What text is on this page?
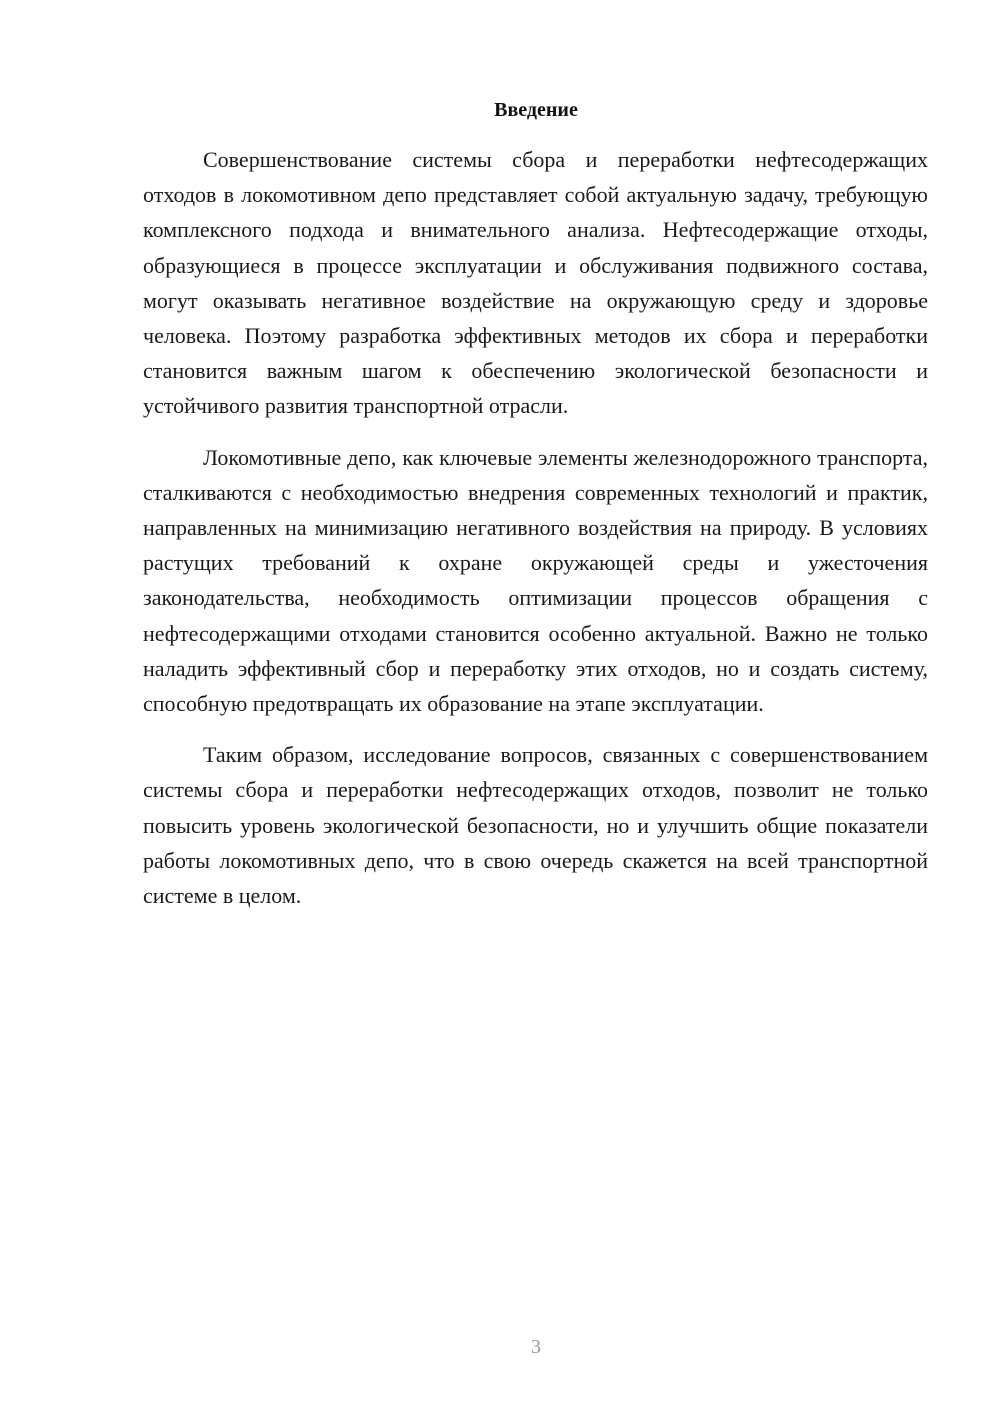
Введение

Совершенствование системы сбора и переработки нефтесодержащих отходов в локомотивном депо представляет собой актуальную задачу, требующую комплексного подхода и внимательного анализа. Нефтесодержащие отходы, образующиеся в процессе эксплуатации и обслуживания подвижного состава, могут оказывать негативное воздействие на окружающую среду и здоровье человека. Поэтому разработка эффективных методов их сбора и переработки становится важным шагом к обеспечению экологической безопасности и устойчивого развития транспортной отрасли.

Локомотивные депо, как ключевые элементы железнодорожного транспорта, сталкиваются с необходимостью внедрения современных технологий и практик, направленных на минимизацию негативного воздействия на природу. В условиях растущих требований к охране окружающей среды и ужесточения законодательства, необходимость оптимизации процессов обращения с нефтесодержащими отходами становится особенно актуальной. Важно не только наладить эффективный сбор и переработку этих отходов, но и создать систему, способную предотвращать их образование на этапе эксплуатации.

Таким образом, исследование вопросов, связанных с совершенствованием системы сбора и переработки нефтесодержащих отходов, позволит не только повысить уровень экологической безопасности, но и улучшить общие показатели работы локомотивных депо, что в свою очередь скажется на всей транспортной системе в целом.

3
